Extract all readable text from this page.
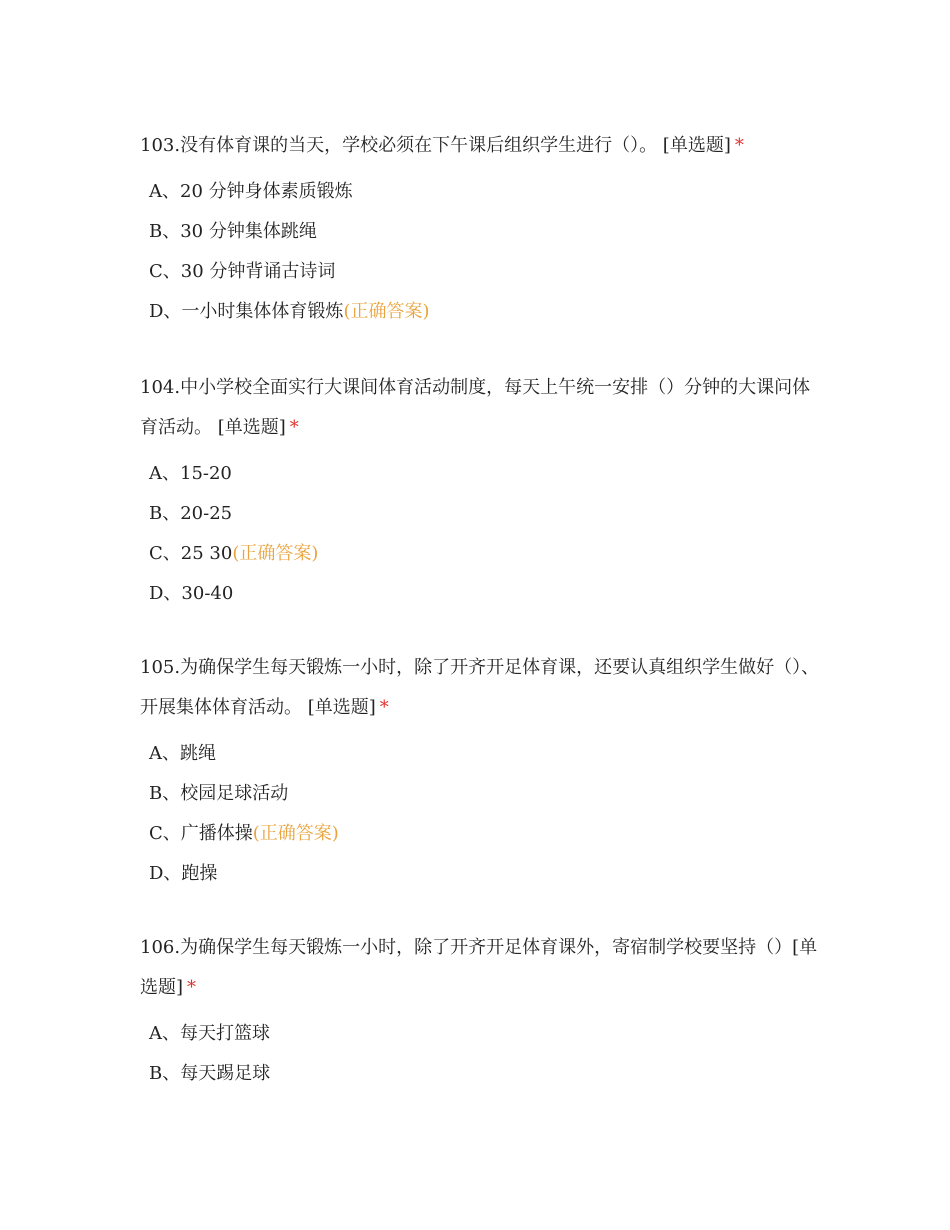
103.没有体育课的当天，学校必须在下午课后组织学生进行（）。 [单选题] *

A、20 分钟身体素质锻炼
B、30 分钟集体跳绳
C、30 分钟背诵古诗词
D、一小时集体体育锻炼(正确答案)

104.中小学校全面实行大课间体育活动制度，每天上午统一安排（）分钟的大课问体育活动。 [单选题] *

A、15-20
B、20-25
C、25 30(正确答案)
D、30-40

105.为确保学生每天锻炼一小时，除了开齐开足体育课，还要认真组织学生做好（）、开展集体体育活动。 [单选题] *

A、跳绳
B、校园足球活动
C、广播体操(正确答案)
D、跑操

106.为确保学生每天锻炼一小时，除了开齐开足体育课外，寄宿制学校要坚持（）[单选题] *

A、每天打篮球
B、每天踢足球
